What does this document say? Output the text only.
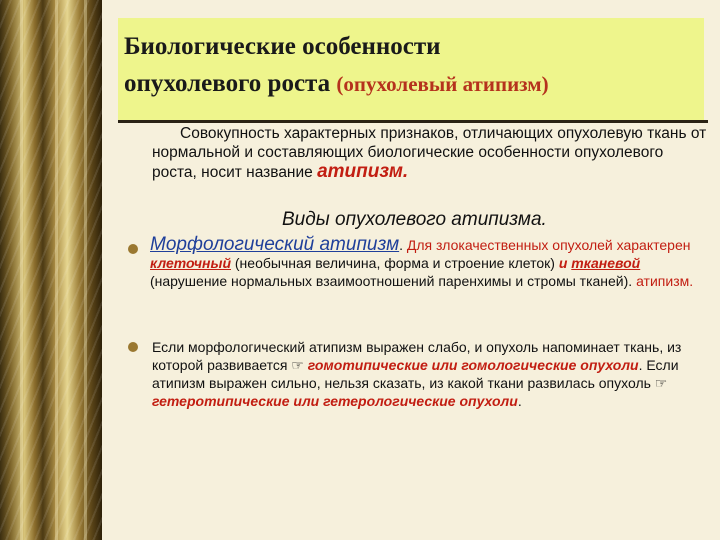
Биологические особенности
опухолевого роста (опухолевый атипизм)

Совокупность характерных признаков, отличающих опухолевую ткань от нормальной и составляющих биологические особенности опухолевого роста, носит название атипизм.

Виды опухолевого атипизма.

Морфологический атипизм. Для злокачественных опухолей характерен клеточный (необычная величина, форма и строение клеток) и тканевой (нарушение нормальных взаимоотношений паренхимы и стромы тканей). атипизм.

Если морфологический атипизм выражен слабо, и опухоль напоминает ткань, из которой развивается ☞ гомотипические или гомологические опухоли. Если атипизм выражен сильно, нельзя сказать, из какой ткани развилась опухоль ☞ гетеротипические или гетерологические опухоли.
